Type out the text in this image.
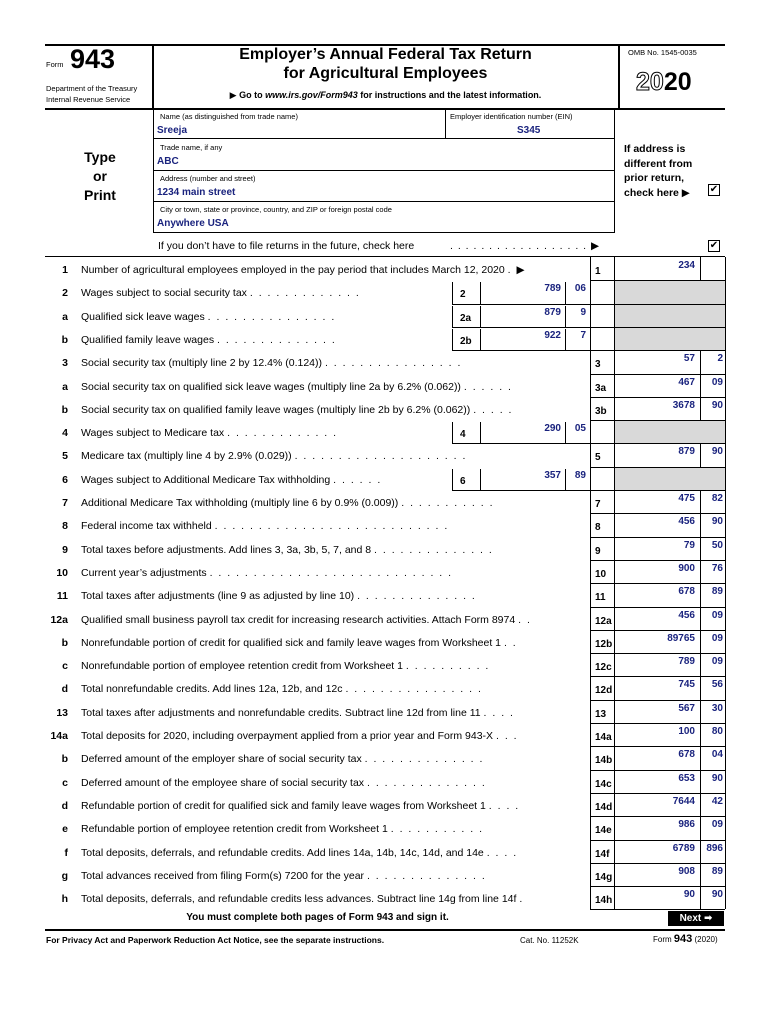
Form 943
Department of the Treasury
Internal Revenue Service
Employer’s Annual Federal Tax Return
for Agricultural Employees
▶ Go to www.irs.gov/Form943 for instructions and the latest information.
OMB No. 1545-0035
2020
Type
or
Print
Name (as distinguished from trade name)
Sreeja
Employer identification number (EIN)
S345
Trade name, if any
ABC
Address (number and street)
1234 main street
City or town, state or province, country, and ZIP or foreign postal code
Anywhere USA
If address is
different from
prior return,
check here ▶ ✔
If you don’t have to file returns in the future, check here	. . . . . . . . . . . . . . . . . . ▶	✔
1 Number of agricultural employees employed in the pay period that includes March 12, 2020 . ▶	1
234
2 Wages subject to social security tax . . . . . . . . . . . . .	2
789	06
a Qualified sick leave wages . . . . . . . . . . . . . . .	2a
879	9
b Qualified family leave wages . . . . . . . . . . . . . .	2b
922	7
3 Social security tax (multiply line 2 by 12.4% (0.124)) . . . . . . . . . . . . . . . .	3
57	2
a Social security tax on qualified sick leave wages (multiply line 2a by 6.2% (0.062)) . . . . . .	3a
467	09
b Social security tax on qualified family leave wages (multiply line 2b by 6.2% (0.062)) . . . . .	3b
3678	90
4 Wages subject to Medicare tax . . . . . . . . . . . . .	4
290	05
5 Medicare tax (multiply line 4 by 2.9% (0.029)) . . . . . . . . . . . . . . . . . . . .	5
879	90
6 Wages subject to Additional Medicare Tax withholding . . . . . .	6
357	89
7 Additional Medicare Tax withholding (multiply line 6 by 0.9% (0.009)) . . . . . . . . . . .	7
475	82
8 Federal income tax withheld . . . . . . . . . . . . . . . . . . . . . . . . . . .	8
456	90
9 Total taxes before adjustments. Add lines 3, 3a, 3b, 5, 7, and 8 . . . . . . . . . . . . . .	9
79	50
10 Current year’s adjustments . . . . . . . . . . . . . . . . . . . . . . . . . . . .	10
900	76
11 Total taxes after adjustments (line 9 as adjusted by line 10) . . . . . . . . . . . . . .	11
678	89
12a Qualified small business payroll tax credit for increasing research activities. Attach Form 8974 . .	12a
456	09
b Nonrefundable portion of credit for qualified sick and family leave wages from Worksheet 1 . .	12b
89765	09
c Nonrefundable portion of employee retention credit from Worksheet 1 . . . . . . . . . .	12c
789	09
d Total nonrefundable credits. Add lines 12a, 12b, and 12c . . . . . . . . . . . . . . . .	12d
745	56
13 Total taxes after adjustments and nonrefundable credits. Subtract line 12d from line 11 . . . .	13
567	30
14a Total deposits for 2020, including overpayment applied from a prior year and Form 943-X . . .	14a
100	80
b Deferred amount of the employer share of social security tax . . . . . . . . . . . . . .	14b
678	04
c Deferred amount of the employee share of social security tax . . . . . . . . . . . . . .	14c
653	90
d Refundable portion of credit for qualified sick and family leave wages from Worksheet 1 . . . .	14d
7644	42
e Refundable portion of employee retention credit from Worksheet 1 . . . . . . . . . . .	14e
986	09
f Total deposits, deferrals, and refundable credits. Add lines 14a, 14b, 14c, 14d, and 14e . . . .	14f
6789	896
g Total advances received from filing Form(s) 7200 for the year . . . . . . . . . . . . . .	14g
908	89
h Total deposits, deferrals, and refundable credits less advances. Subtract line 14g from line 14f .	14h
90	90
You must complete both pages of Form 943 and sign it.	Next ➡
For Privacy Act and Paperwork Reduction Act Notice, see the separate instructions.	Cat. No. 11252K	Form 943 (2020)
